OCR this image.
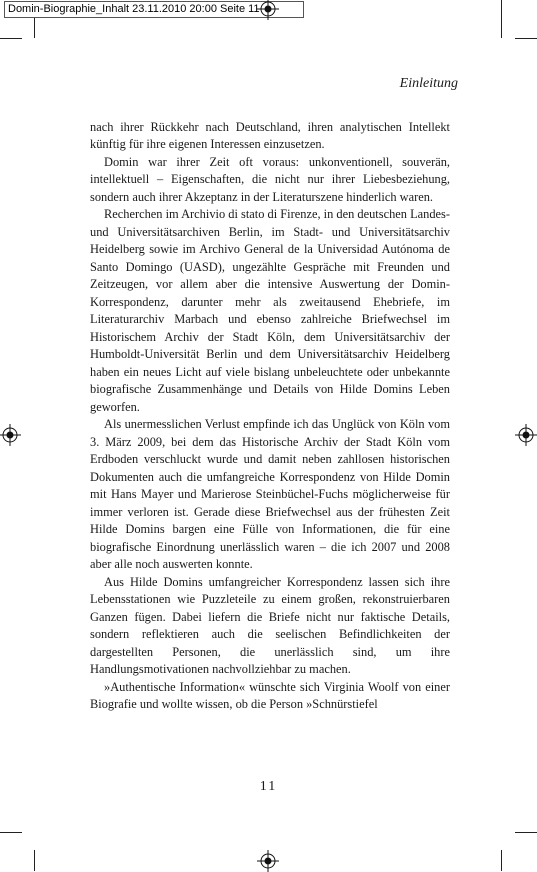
Domin-Biographie_Inhalt 23.11.2010 20:00 Seite 11
Einleitung

nach ihrer Rückkehr nach Deutschland, ihren analytischen Intellekt künftig für ihre eigenen Interessen einzusetzen.

Domin war ihrer Zeit oft voraus: unkonventionell, souverän, intellektuell – Eigenschaften, die nicht nur ihrer Liebesbeziehung, sondern auch ihrer Akzeptanz in der Literaturszene hinderlich waren.

Recherchen im Archivio di stato di Firenze, in den deutschen Landes- und Universitätsarchiven Berlin, im Stadt- und Universitätsarchiv Heidelberg sowie im Archivo General de la Universidad Autónoma de Santo Domingo (UASD), ungezählte Gespräche mit Freunden und Zeitzeugen, vor allem aber die intensive Auswertung der Domin-Korrespondenz, darunter mehr als zweitausend Ehebriefe, im Literaturarchiv Marbach und ebenso zahlreiche Briefwechsel im Historischem Archiv der Stadt Köln, dem Universitätsarchiv der Humboldt-Universität Berlin und dem Universitätsarchiv Heidelberg haben ein neues Licht auf viele bislang unbeleuchtete oder unbekannte biografische Zusammenhänge und Details von Hilde Domins Leben geworfen.

Als unermesslichen Verlust empfinde ich das Unglück von Köln vom 3. März 2009, bei dem das Historische Archiv der Stadt Köln vom Erdboden verschluckt wurde und damit neben zahllosen historischen Dokumenten auch die umfangreiche Korrespondenz von Hilde Domin mit Hans Mayer und Marierose Steinbüchel-Fuchs möglicherweise für immer verloren ist. Gerade diese Briefwechsel aus der frühesten Zeit Hilde Domins bargen eine Fülle von Informationen, die für eine biografische Einordnung unerlässlich waren – die ich 2007 und 2008 aber alle noch auswerten konnte.

Aus Hilde Domins umfangreicher Korrespondenz lassen sich ihre Lebensstationen wie Puzzleteile zu einem großen, rekonstruierbaren Ganzen fügen. Dabei liefern die Briefe nicht nur faktische Details, sondern reflektieren auch die seelischen Befindlichkeiten der dargestellten Personen, die unerlässlich sind, um ihre Handlungsmotivationen nachvollziehbar zu machen.

»Authentische Information« wünschte sich Virginia Woolf von einer Biografie und wollte wissen, ob die Person »Schnürstiefel

11
